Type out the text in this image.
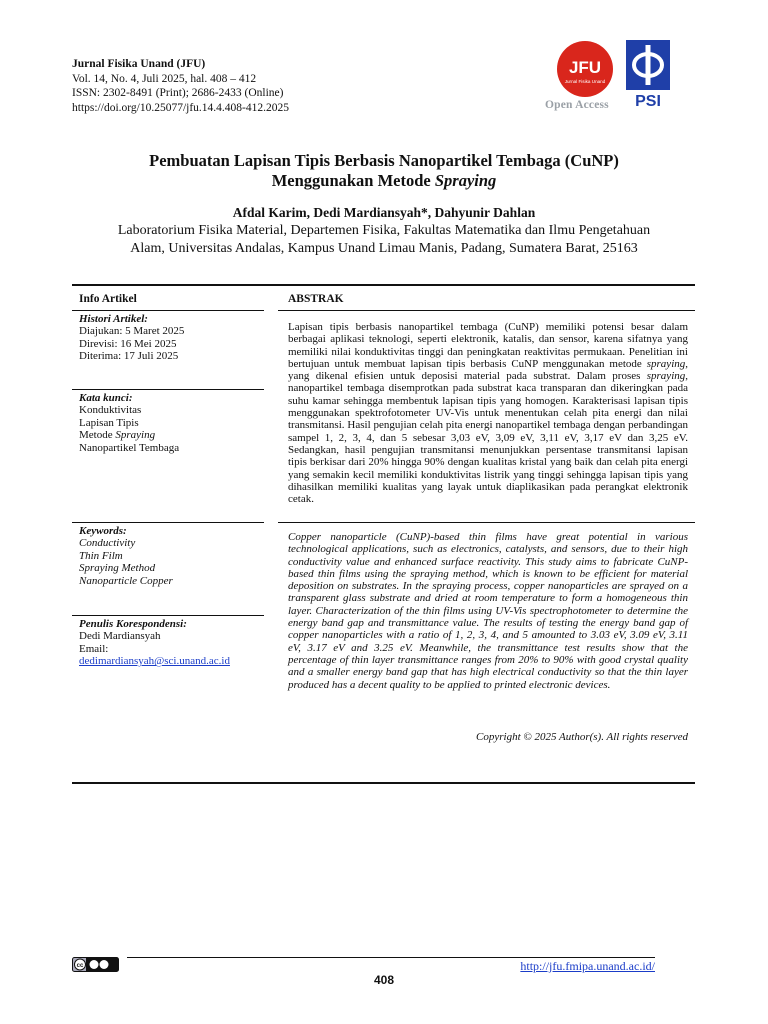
Jurnal Fisika Unand (JFU)
Vol. 14, No. 4, Juli 2025, hal. 408 – 412
ISSN: 2302-8491 (Print); 2686-2433 (Online)
https://doi.org/10.25077/jfu.14.4.408-412.2025
JFU
Jurnal Fisika Unand
Open Access PSI
Pembuatan Lapisan Tipis Berbasis Nanopartikel Tembaga (CuNP)
Menggunakan Metode Spraying
Afdal Karim, Dedi Mardiansyah*, Dahyunir Dahlan
Laboratorium Fisika Material, Departemen Fisika, Fakultas Matematika dan Ilmu Pengetahuan
Alam, Universitas Andalas, Kampus Unand Limau Manis, Padang, Sumatera Barat, 25163
Info Artikel	ABSTRAK
Histori Artikel:
Diajukan: 5 Maret 2025
Direvisi: 16 Mei 2025
Diterima: 17 Juli 2025
Kata kunci:
Konduktivitas
Lapisan Tipis
Metode Spraying
Nanopartikel Tembaga
Lapisan tipis berbasis nanopartikel tembaga (CuNP) memiliki potensi besar dalam berbagai aplikasi teknologi, seperti elektronik, katalis, dan sensor, karena sifatnya yang memiliki nilai konduktivitas tinggi dan peningkatan reaktivitas permukaan. Penelitian ini bertujuan untuk membuat lapisan tipis berbasis CuNP menggunakan metode spraying, yang dikenal efisien untuk deposisi material pada substrat. Dalam proses spraying, nanopartikel tembaga disemprotkan pada substrat kaca transparan dan dikeringkan pada suhu kamar sehingga membentuk lapisan tipis yang homogen. Karakterisasi lapisan tipis menggunakan spektrofotometer UV-Vis untuk menentukan celah pita energi dan nilai transmitansi. Hasil pengujian celah pita energi nanopartikel tembaga dengan perbandingan sampel 1, 2, 3, 4, dan 5 sebesar 3,03 eV, 3,09 eV, 3,11 eV, 3,17 eV dan 3,25 eV. Sedangkan, hasil pengujian transmitansi menunjukkan persentase transmitansi lapisan tipis berkisar dari 20% hingga 90% dengan kualitas kristal yang baik dan celah pita energi yang semakin kecil memiliki konduktivitas listrik yang tinggi sehingga lapisan tipis yang dihasilkan memiliki kualitas yang layak untuk diaplikasikan pada perangkat elektronik cetak.
Keywords:
Conductivity
Thin Film
Spraying Method
Nanoparticle Copper
Copper nanoparticle (CuNP)-based thin films have great potential in various technological applications, such as electronics, catalysts, and sensors, due to their high conductivity value and enhanced surface reactivity. This study aims to fabricate CuNP-based thin films using the spraying method, which is known to be efficient for material deposition on substrates. In the spraying process, copper nanoparticles are sprayed on a transparent glass substrate and dried at room temperature to form a homogeneous thin layer. Characterization of the thin films using UV-Vis spectrophotometer to determine the energy band gap and transmittance value. The results of testing the energy band gap of copper nanoparticles with a ratio of 1, 2, 3, 4, and 5 amounted to 3.03 eV, 3.09 eV, 3.11 eV, 3.17 eV and 3.25 eV. Meanwhile, the transmittance test results show that the percentage of thin layer transmittance ranges from 20% to 90% with good crystal quality and a smaller energy band gap that has high electrical conductivity so that the thin layer produced has a decent quality to be applied to printed electronic devices.
Penulis Korespondensi:
Dedi Mardiansyah
Email:
dedimardiansyah@sci.unand.ac.id
Copyright © 2025 Author(s). All rights reserved
cc	http://jfu.fmipa.unand.ac.id/
408
